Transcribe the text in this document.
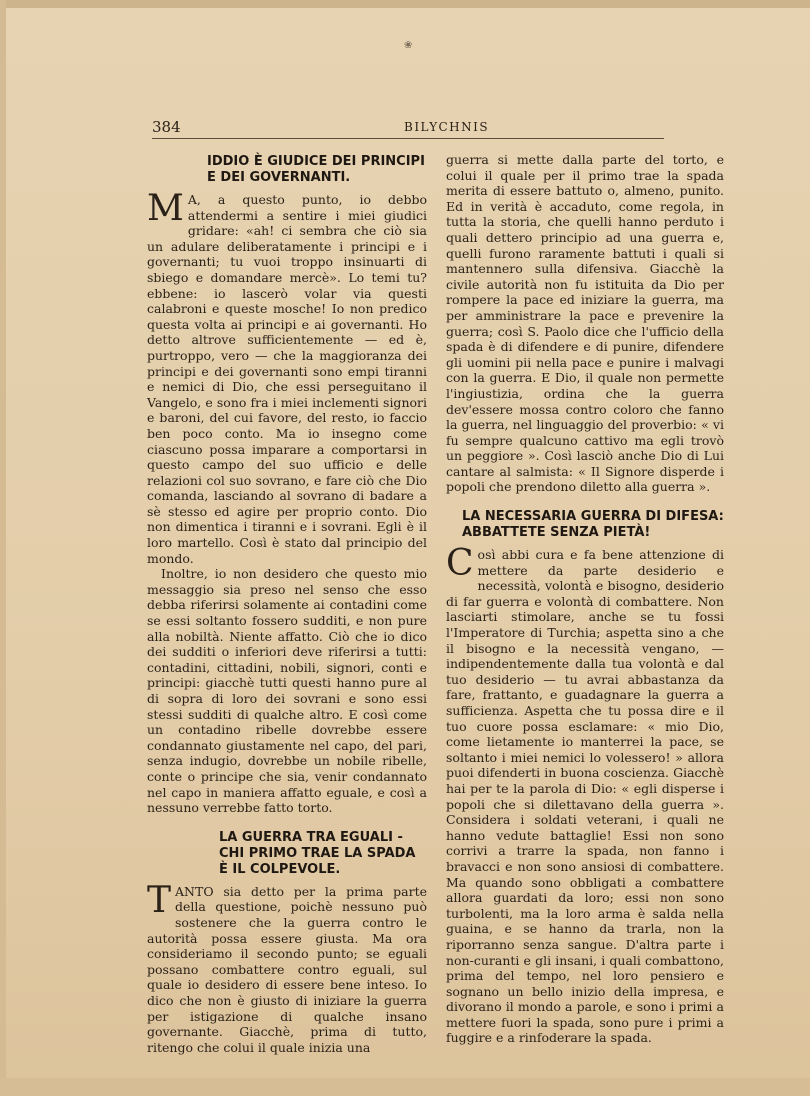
❀
384	BILYCHNIS
IDDIO È GIUDICE DEI PRINCIPI
E DEI GOVERNANTI.

M A, a questo punto, io debbo attendermi a sentire i miei giudici gridare: «ah! ci sembra che ciò sia un adulare deliberatamente i principi e i governanti; tu vuoi troppo insinuarti di sbiego e domandare mercè». Lo temi tu? ebbene: io lascerò volar via questi calabroni e queste mosche! Io non predico questa volta ai principi e ai governanti. Ho detto altrove sufficientemente — ed è, purtroppo, vero — che la maggioranza dei principi e dei governanti sono empi tiranni e nemici di Dio, che essi perseguitano il Vangelo, e sono fra i miei inclementi signori e baroni, del cui favore, del resto, io faccio ben poco conto. Ma io insegno come ciascuno possa imparare a comportarsi in questo campo del suo ufficio e delle relazioni col suo sovrano, e fare ciò che Dio comanda, lasciando al sovrano di badare a sè stesso ed agire per proprio conto. Dio non dimentica i tiranni e i sovrani. Egli è il loro martello. Così è stato dal principio del mondo.

Inoltre, io non desidero che questo mio messaggio sia preso nel senso che esso debba riferirsi solamente ai contadini come se essi soltanto fossero sudditi, e non pure alla nobiltà. Niente affatto. Ciò che io dico dei sudditi o inferiori deve riferirsi a tutti: contadini, cittadini, nobili, signori, conti e principi: giacchè tutti questi hanno pure al di sopra di loro dei sovrani e sono essi stessi sudditi di qualche altro. E così come un contadino ribelle dovrebbe essere condannato giustamente nel capo, del pari, senza indugio, dovrebbe un nobile ribelle, conte o principe che sia, venir condannato nel capo in maniera affatto eguale, e così a nessuno verrebbe fatto torto.

LA GUERRA TRA EGUALI -
CHI PRIMO TRAE LA SPADA
È IL COLPEVOLE.

TANTO sia detto per la prima parte della questione, poichè nessuno può sostenere che la guerra contro le autorità possa essere giusta. Ma ora consideriamo il secondo punto; se eguali possano combattere contro eguali, sul quale io desidero di essere bene inteso. Io dico che non è giusto di iniziare la guerra per istigazione di qualche insano governante. Giacchè, prima di tutto, ritengo che colui il quale inizia una

guerra si mette dalla parte del torto, e colui il quale per il primo trae la spada merita di essere battuto o, almeno, punito. Ed in verità è accaduto, come regola, in tutta la storia, che quelli hanno perduto i quali dettero principio ad una guerra e, quelli furono raramente battuti i quali si mantennero sulla difensiva. Giacchè la civile autorità non fu istituita da Dio per rompere la pace ed iniziare la guerra, ma per amministrare la pace e prevenire la guerra; così S. Paolo dice che l'ufficio della spada è di difendere e di punire, difendere gli uomini pii nella pace e punire i malvagi con la guerra. E Dio, il quale non permette l'ingiustizia, ordina che la guerra dev'essere mossa contro coloro che fanno la guerra, nel linguaggio del proverbio: « vi fu sempre qualcuno cattivo ma egli trovò un peggiore ». Così lasciò anche Dio di Lui cantare al salmista: « Il Signore disperde i popoli che prendono diletto alla guerra ».

LA NECESSARIA GUERRA DI DIFESA:
ABBATTETE SENZA PIETÀ!

Così abbi cura e fa bene attenzione di mettere da parte desiderio e necessità, volontà e bisogno, desiderio di far guerra e volontà di combattere. Non lasciarti stimolare, anche se tu fossi l'Imperatore di Turchia; aspetta sino a che il bisogno e la necessità vengano, — indipendentemente dalla tua volontà e dal tuo desiderio — tu avrai abbastanza da fare, frattanto, e guadagnare la guerra a sufficienza. Aspetta che tu possa dire e il tuo cuore possa esclamare: « mio Dio, come lietamente io manterrei la pace, se soltanto i miei nemici lo volessero! » allora puoi difenderti in buona coscienza. Giacchè hai per te la parola di Dio: « egli disperse i popoli che si dilettavano della guerra ». Considera i soldati veterani, i quali ne hanno vedute battaglie! Essi non sono corrivi a trarre la spada, non fanno i bravacci e non sono ansiosi di combattere. Ma quando sono obbligati a combattere allora guardati da loro; essi non sono turbolenti, ma la loro arma è salda nella guaina, e se hanno da trarla, non la riporranno senza sangue. D'altra parte i non-curanti e gli insani, i quali combattono, prima del tempo, nel loro pensiero e sognano un bello inizio della impresa, e divorano il mondo a parole, e sono i primi a mettere fuori la spada, sono pure i primi a fuggire e a rinfoderare la spada.
